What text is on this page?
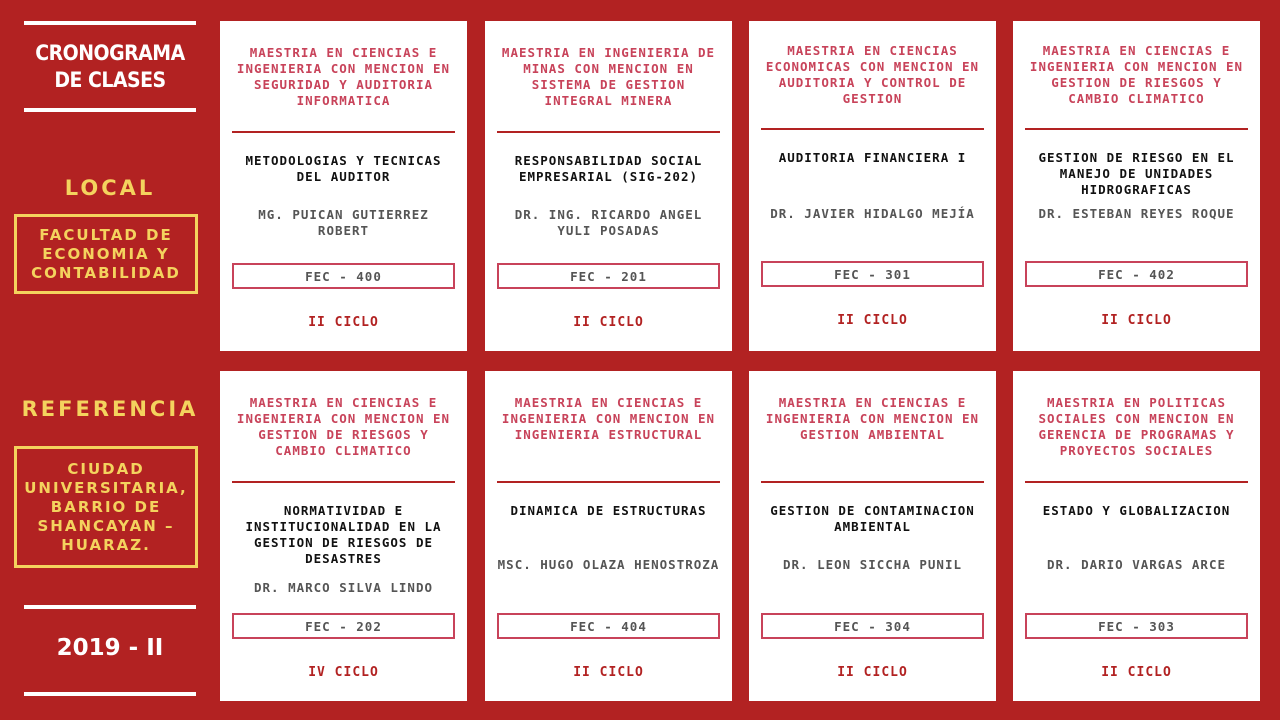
CRONOGRAMA
DE CLASES
LOCAL
FACULTAD DE
ECONOMIA Y
CONTABILIDAD
REFERENCIA
CIUDAD
UNIVERSITARIA,
BARRIO DE
SHANCAYAN –
HUARAZ.
2019 - II
MAESTRIA EN CIENCIAS E INGENIERIA CON MENCION EN SEGURIDAD Y AUDITORIA INFORMATICA
METODOLOGIAS Y TECNICAS DEL AUDITOR
MG. PUICAN GUTIERREZ ROBERT
FEC - 400
II CICLO
MAESTRIA EN INGENIERIA DE MINAS CON MENCION EN SISTEMA DE GESTION INTEGRAL MINERA
RESPONSABILIDAD SOCIAL EMPRESARIAL (SIG-202)
DR. ING. RICARDO ANGEL YULI POSADAS
FEC - 201
II CICLO
MAESTRIA EN CIENCIAS ECONOMICAS CON MENCION EN AUDITORIA Y CONTROL DE GESTION
AUDITORIA FINANCIERA I
DR. JAVIER HIDALGO MEJÍA
FEC - 301
II CICLO
MAESTRIA EN CIENCIAS E INGENIERIA CON MENCION EN GESTION DE RIESGOS Y CAMBIO CLIMATICO
GESTION DE RIESGO EN EL MANEJO DE UNIDADES HIDROGRAFICAS
DR. ESTEBAN REYES ROQUE
FEC - 402
II CICLO
MAESTRIA EN CIENCIAS E INGENIERIA CON MENCION EN GESTION DE RIESGOS Y CAMBIO CLIMATICO
NORMATIVIDAD E INSTITUCIONALIDAD EN LA GESTION DE RIESGOS DE DESASTRES
DR. MARCO SILVA LINDO
FEC - 202
IV CICLO
MAESTRIA EN CIENCIAS E INGENIERIA CON MENCION EN INGENIERIA ESTRUCTURAL
DINAMICA DE ESTRUCTURAS
MSC. HUGO OLAZA HENOSTROZA
FEC - 404
II CICLO
MAESTRIA EN CIENCIAS E INGENIERIA CON MENCION EN GESTION AMBIENTAL
GESTION DE CONTAMINACION AMBIENTAL
DR. LEON SICCHA PUNIL
FEC - 304
II CICLO
MAESTRIA EN POLITICAS SOCIALES CON MENCION EN GERENCIA DE PROGRAMAS Y PROYECTOS SOCIALES
ESTADO Y GLOBALIZACION
DR. DARIO VARGAS ARCE
FEC - 303
II CICLO
